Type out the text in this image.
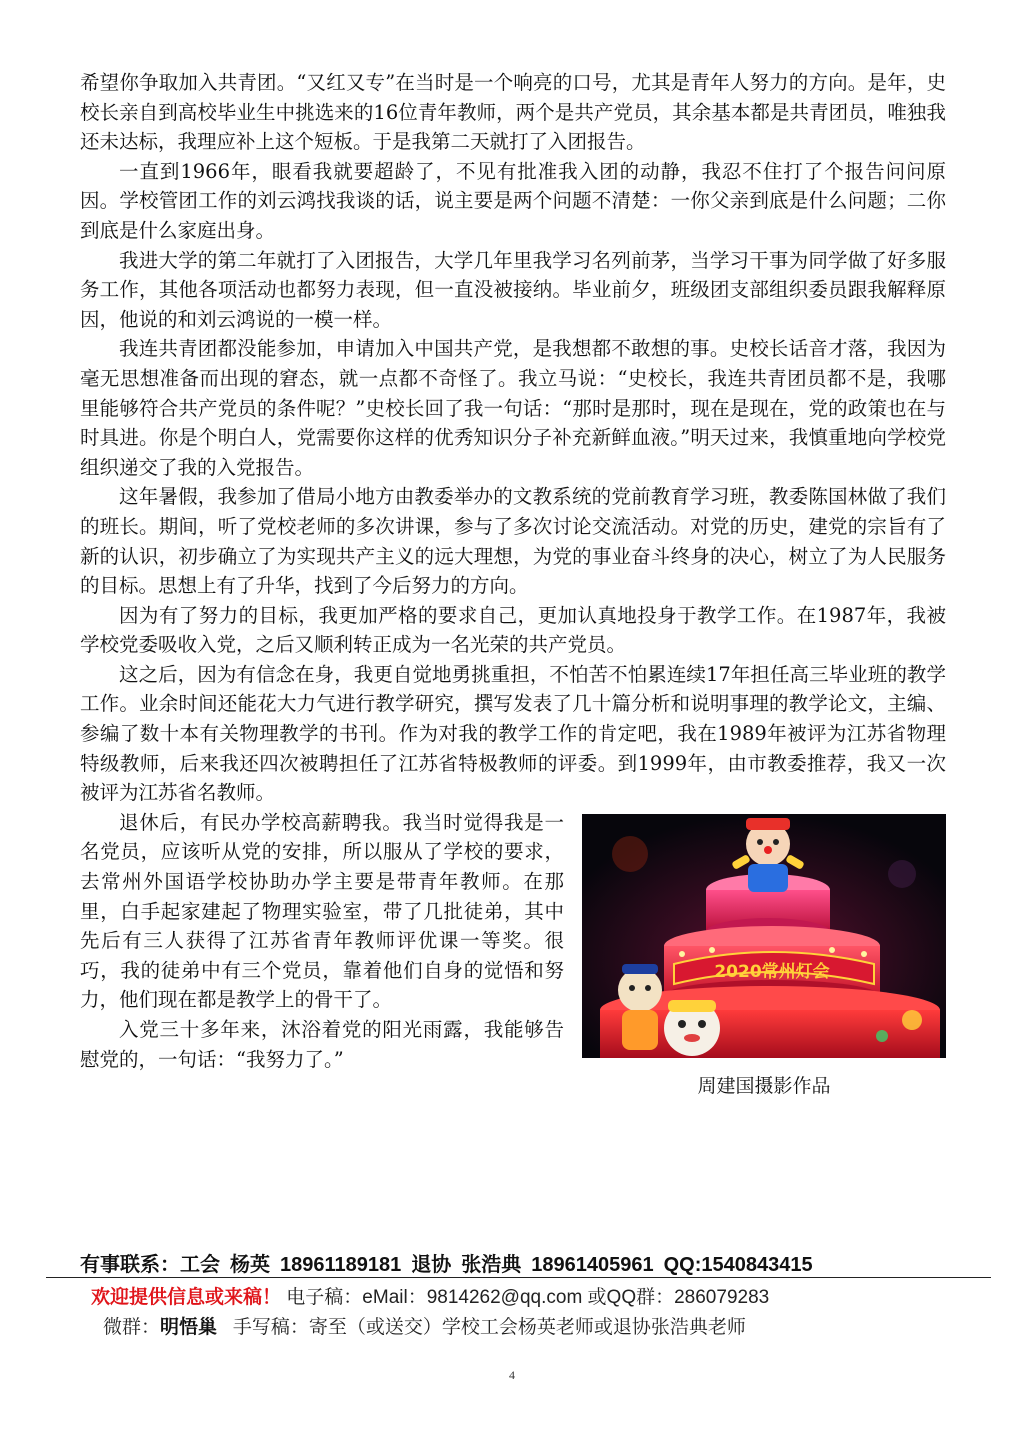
希望你争取加入共青团。“又红又专”在当时是一个响亮的口号，尤其是青年人努力的方向。是年，史校长亲自到高校毕业生中挑选来的16位青年教师，两个是共产党员，其余基本都是共青团员，唯独我还未达标，我理应补上这个短板。于是我第二天就打了入团报告。

一直到1966年，眼看我就要超龄了，不见有批准我入团的动静，我忍不住打了个报告问问原因。学校管团工作的刘云鸿找我谈的话，说主要是两个问题不清楚：一你父亲到底是什么问题；二你到底是什么家庭出身。

我进大学的第二年就打了入团报告，大学几年里我学习名列前茅，当学习干事为同学做了好多服务工作，其他各项活动也都努力表现，但一直没被接纳。毕业前夕，班级团支部组织委员跟我解释原因，他说的和刘云鸿说的一模一样。

我连共青团都没能参加，申请加入中国共产党，是我想都不敢想的事。史校长话音才落，我因为毫无思想准备而出现的窘态，就一点都不奇怪了。我立马说：“史校长，我连共青团员都不是，我哪里能够符合共产党员的条件呢？”史校长回了我一句话：“那时是那时，现在是现在，党的政策也在与时具进。你是个明白人，党需要你这样的优秀知识分子补充新鲜血液。”明天过来，我慎重地向学校党组织递交了我的入党报告。

这年暑假，我参加了借局小地方由教委举办的文教系统的党前教育学习班，教委陈国林做了我们的班长。期间，听了党校老师的多次讲课，参与了多次讨论交流活动。对党的历史，建党的宗旨有了新的认识，初步确立了为实现共产主义的远大理想，为党的事业奋斗终身的决心，树立了为人民服务的目标。思想上有了升华，找到了今后努力的方向。

因为有了努力的目标，我更加严格的要求自己，更加认真地投身于教学工作。在1987年，我被学校党委吸收入党，之后又顺利转正成为一名光荣的共产党员。

这之后，因为有信念在身，我更自觉地勇挑重担，不怕苦不怕累连续17年担任高三毕业班的教学工作。业余时间还能花大力气进行教学研究，撰写发表了几十篇分析和说明事理的教学论文，主编、参编了数十本有关物理教学的书刊。作为对我的教学工作的肯定吧，我在1989年被评为江苏省物理特级教师，后来我还四次被聘担任了江苏省特极教师的评委。到1999年，由市教委推荐，我又一次被评为江苏省名教师。

2020常州灯会
周建国摄影作品

退休后，有民办学校高薪聘我。我当时觉得我是一名党员，应该听从党的安排，所以服从了学校的要求，去常州外国语学校协助办学主要是带青年教师。在那里，白手起家建起了物理实验室，带了几批徒弟，其中先后有三人获得了江苏省青年教师评优课一等奖。很巧，我的徒弟中有三个党员，靠着他们自身的觉悟和努力，他们现在都是教学上的骨干了。

入党三十多年来，沐浴着党的阳光雨露，我能够告慰党的，一句话：“我努力了。”

有事联系：工会 杨英 18961189181 退协 张浩典 18961405961 QQ:1540843415
欢迎提供信息或来稿！ 电子稿：eMail：9814262@qq.com 或QQ群：286079283
微群：明悟巢 手写稿：寄至（或送交）学校工会杨英老师或退协张浩典老师
4
